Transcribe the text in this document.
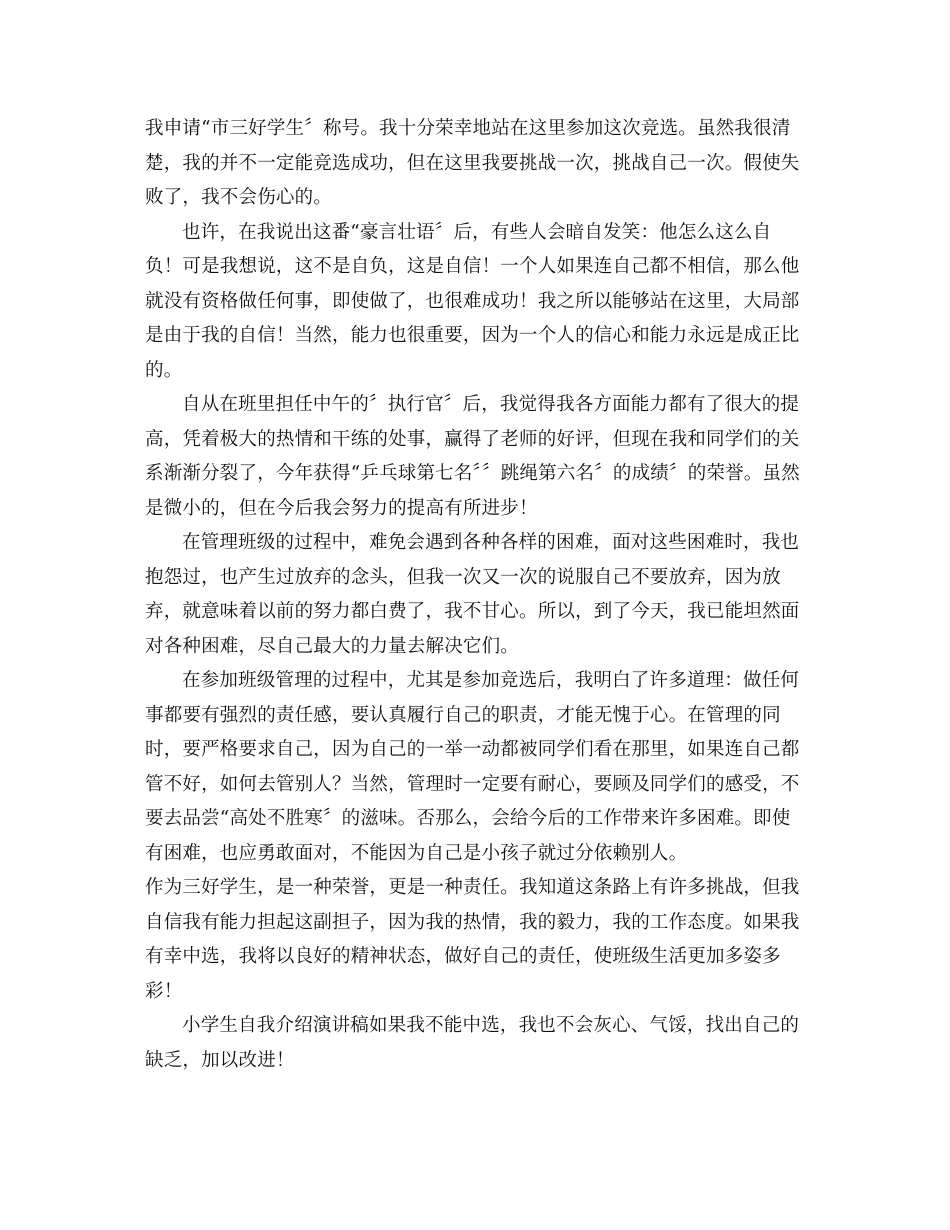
我申请“市三好学生〞称号。我十分荣幸地站在这里参加这次竞选。虽然我很清楚，我的并不一定能竞选成功，但在这里我要挑战一次，挑战自己一次。假使失败了，我不会伤心的。

也许，在我说出这番“豪言壮语〞后，有些人会暗自发笑：他怎么这么自负！可是我想说，这不是自负，这是自信！一个人如果连自己都不相信，那么他就没有资格做任何事，即使做了，也很难成功！我之所以能够站在这里，大局部是由于我的自信！当然，能力也很重要，因为一个人的信心和能力永远是成正比的。

自从在班里担任中午的〞执行官〞后，我觉得我各方面能力都有了很大的提高，凭着极大的热情和干练的处事，赢得了老师的好评，但现在我和同学们的关系渐渐分裂了，今年获得“乒乓球第七名〞〞跳绳第六名〞的成绩〞的荣誉。虽然是微小的，但在今后我会努力的提高有所进步！

在管理班级的过程中，难免会遇到各种各样的困难，面对这些困难时，我也抱怨过，也产生过放弃的念头，但我一次又一次的说服自己不要放弃，因为放弃，就意味着以前的努力都白费了，我不甘心。所以，到了今天，我已能坦然面对各种困难，尽自己最大的力量去解决它们。

在参加班级管理的过程中，尤其是参加竞选后，我明白了许多道理：做任何事都要有强烈的责任感，要认真履行自己的职责，才能无愧于心。在管理的同时，要严格要求自己，因为自己的一举一动都被同学们看在那里，如果连自己都管不好，如何去管别人？当然，管理时一定要有耐心，要顾及同学们的感受，不要去品尝“高处不胜寒〞的滋味。否那么，会给今后的工作带来许多困难。即使有困难，也应勇敢面对，不能因为自己是小孩子就过分依赖别人。

作为三好学生，是一种荣誉，更是一种责任。我知道这条路上有许多挑战，但我自信我有能力担起这副担子，因为我的热情，我的毅力，我的工作态度。如果我有幸中选，我将以良好的精神状态，做好自己的责任，使班级生活更加多姿多彩！

小学生自我介绍演讲稿如果我不能中选，我也不会灰心、气馁，找出自己的缺乏，加以改进！
